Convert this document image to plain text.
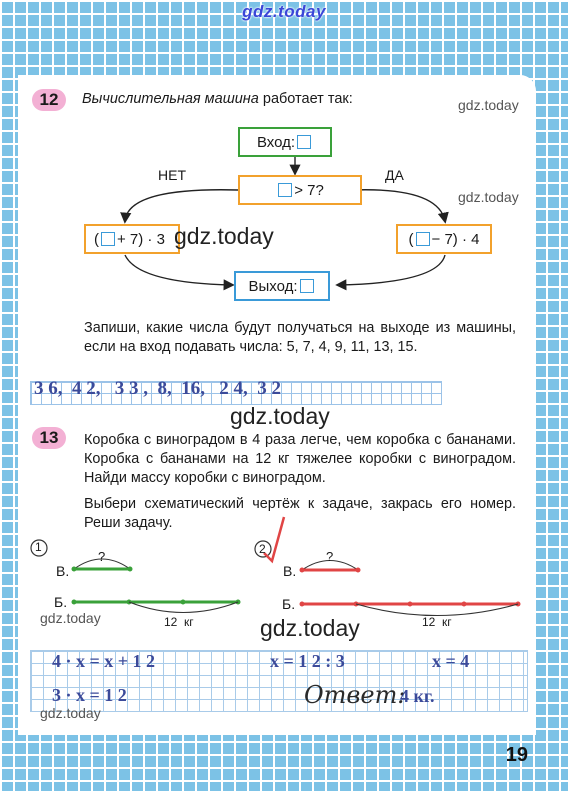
gdz.today
12	Вычислительная машина работает так:	gdz.today
Вход:
НЕТ	ДА
> 7?	gdz.today
( + 7) · 3 gdz.today	( − 7) · 4
Выход:
Запиши, какие числа будут получаться на выходе из машины, если на вход подавать числа: 5, 7, 4, 9, 11, 13, 15.
3 6,  4 2,   3 3 ,  8,  16,   2 4,  3 2
gdz.today
13	Коробка с виноградом в 4 раза легче, чем коробка с бананами. Коробка с бананами на 12 кг тяжелее коробки с виноградом. Найди массу коробки с виноградом.
Выбери схематический чертёж к задаче, закрась его номер. Реши задачу.
1
?
В.
Б.
12  кг
gdz.today
2	?
В.
Б.
12  кг
gdz.today
4 · x = x + 1 2	x = 1 2 : 3	x = 4
3 · x = 1 2	Ответ:
4 кг.
gdz.today
19
